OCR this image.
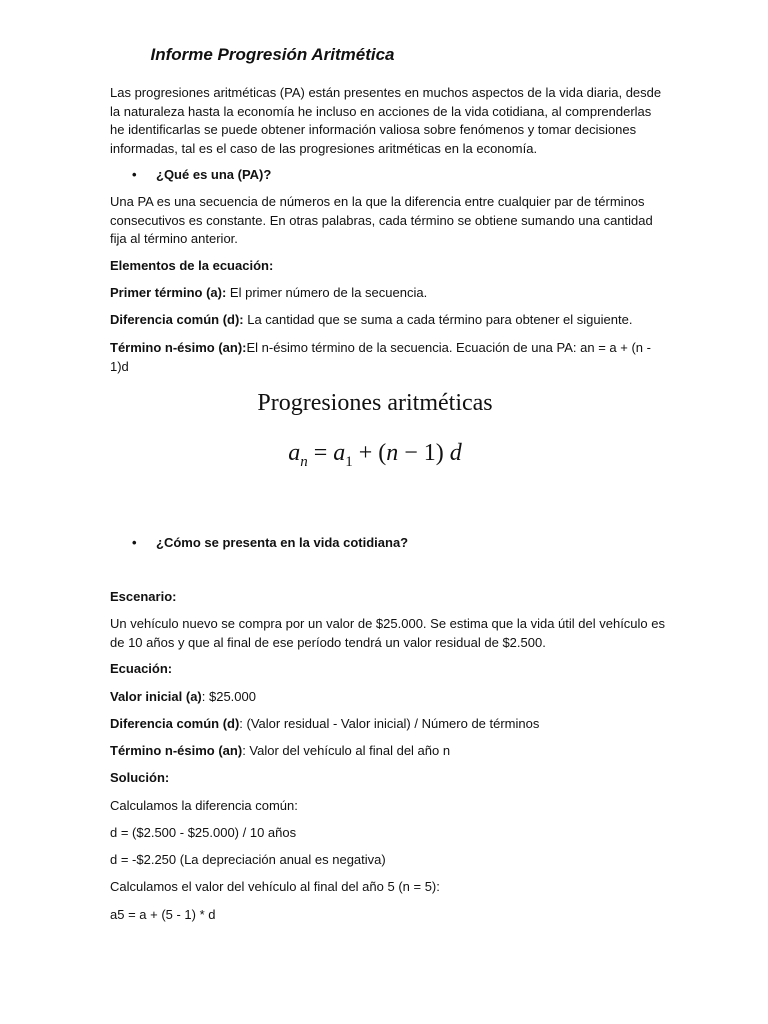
Informe Progresión Aritmética

Las progresiones aritméticas (PA) están presentes en muchos aspectos de la vida diaria, desde la naturaleza hasta la economía he incluso en acciones de la vida cotidiana, al comprenderlas he identificarlas se puede obtener información valiosa sobre fenómenos y tomar decisiones informadas, tal es el caso de las progresiones aritméticas en la economía.

• ¿Qué es una (PA)?

Una PA es una secuencia de números en la que la diferencia entre cualquier par de términos consecutivos es constante. En otras palabras, cada término se obtiene sumando una cantidad fija al término anterior.

Elementos de la ecuación:

Primer término (a): El primer número de la secuencia.

Diferencia común (d): La cantidad que se suma a cada término para obtener el siguiente.

Término n-ésimo (an):El n-ésimo término de la secuencia. Ecuación de una PA: an = a + (n - 1)d

Progresiones aritméticas
$a_n = a_1 + (n - 1)$ d
• ¿Cómo se presenta en la vida cotidiana?

Escenario:

Un vehículo nuevo se compra por un valor de $25.000. Se estima que la vida útil del vehículo es de 10 años y que al final de ese período tendrá un valor residual de $2.500.

Ecuación:

Valor inicial (a): $25.000

Diferencia común (d): (Valor residual - Valor inicial) / Número de términos

Término n-ésimo (an): Valor del vehículo al final del año n

Solución:

Calculamos la diferencia común:

d = ($2.500 - $25.000) / 10 años

d = -$2.250 (La depreciación anual es negativa)

Calculamos el valor del vehículo al final del año 5 (n = 5):

a5 = a + (5 - 1) * d
